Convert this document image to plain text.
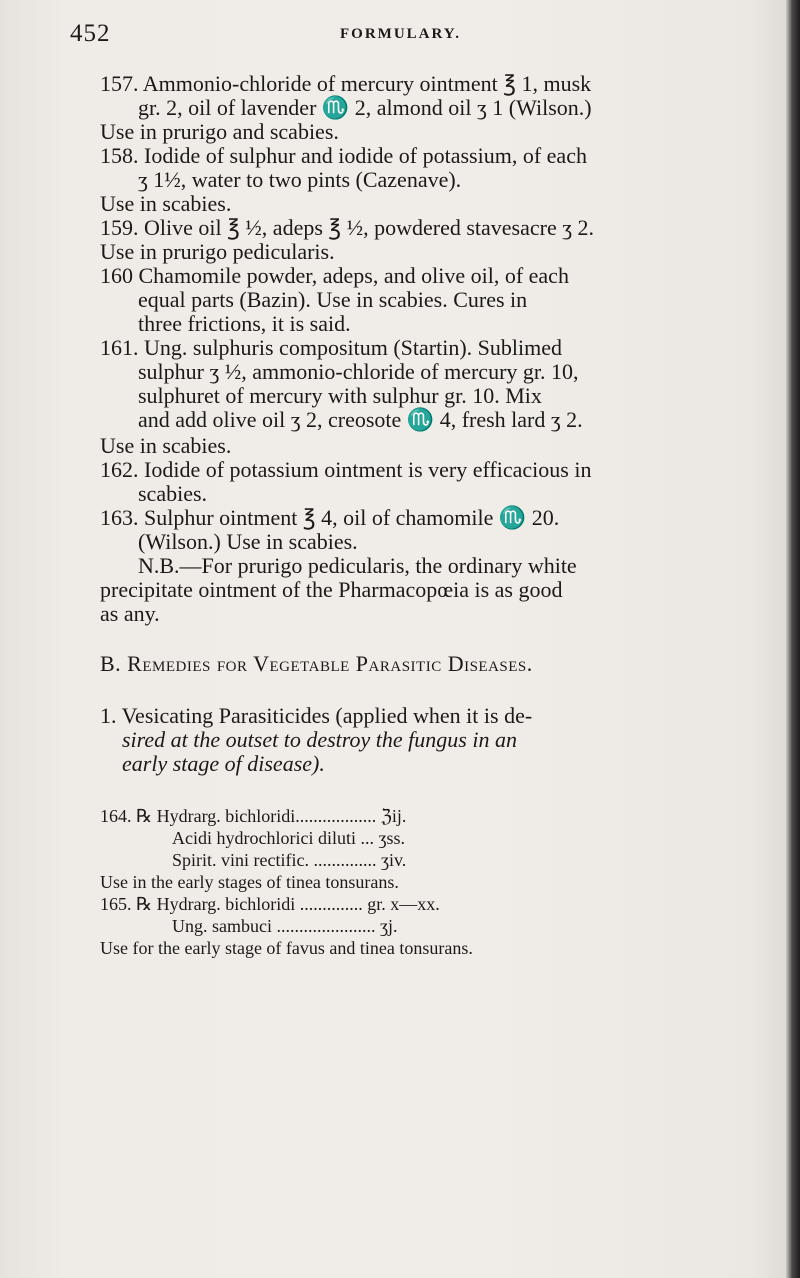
452	FORMULARY.
157. Ammonio-chloride of mercury ointment ℥ 1, musk
gr. 2, oil of lavender ♏ 2, almond oil ʒ 1 (Wilson.)
Use in prurigo and scabies.
158. Iodide of sulphur and iodide of potassium, of each
ʒ 1½, water to two pints (Cazenave).
Use in scabies.
159. Olive oil ℥ ½, adeps ℥ ½, powdered stavesacre ʒ 2.
Use in prurigo pedicularis.
160 Chamomile powder, adeps, and olive oil, of each
equal parts (Bazin). Use in scabies. Cures in
three frictions, it is said.
161. Ung. sulphuris compositum (Startin). Sublimed
sulphur ʒ ½, ammonio-chloride of mercury gr. 10,
sulphuret of mercury with sulphur gr. 10. Mix
and add olive oil ʒ 2, creosote ♏ 4, fresh lard ʒ 2.
Use in scabies.
162. Iodide of potassium ointment is very efficacious in
scabies.
163. Sulphur ointment ℥ 4, oil of chamomile ♏ 20.
(Wilson.) Use in scabies.
N.B.—For prurigo pedicularis, the ordinary white
precipitate ointment of the Pharmacopœia is as good
as any.
B. Remedies for Vegetable Parasitic Diseases.
1. Vesicating Parasiticides (applied when it is de-
sired at the outset to destroy the fungus in an
early stage of disease).
164. ℞ Hydrarg. bichloridi.................. ℨij.
Acidi hydrochlorici diluti ... ʒss.
Spirit. vini rectific. .............. ʒiv.
Use in the early stages of tinea tonsurans.
165. ℞ Hydrarg. bichloridi .............. gr. x—xx.
Ung. sambuci ...................... ʒj.
Use for the early stage of favus and tinea tonsurans.
